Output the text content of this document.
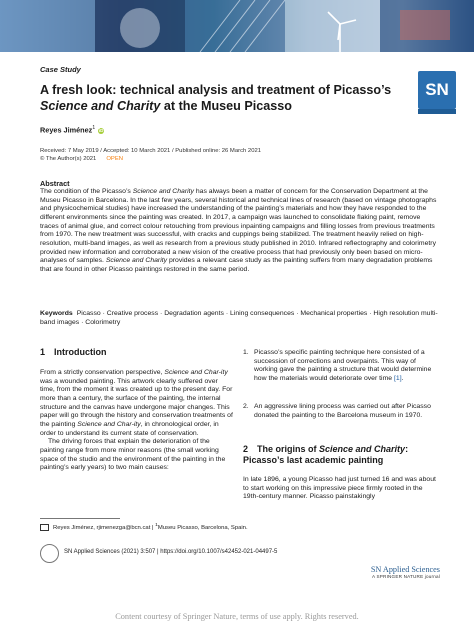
Case Study
SN
A fresh look: technical analysis and treatment of Picasso’s Science and Charity at the Museu Picasso
Reyes Jiménez$^1$ iD
Received: 7 May 2019 / Accepted: 10 March 2021 / Published online: 26 March 2021
© The Author(s) 2021 OPEN
Abstract
The condition of the Picasso’s Science and Charity has always been a matter of concern for the Conservation Department at the Museu Picasso in Barcelona. In the last few years, several historical and technical lines of research (based on vintage photographs and physicochemical studies) have increased the understanding of the painting’s materials and how they have responded to the different environments since the painting was created. In 2017, a campaign was launched to consolidate flaking paint, remove traces of animal glue, and correct colour retouching from previous inpainting campaigns and filling losses from previous treatments from 1970. The new treatment was successful, with cracks and cuppings being stabilized. The treatment heavily relied on high-resolution, multi-band images, as well as research from a previous study published in 2010. Infrared reflectography and colorimetry provided new information and corroborated a new vision of the creative process that had previously only been based on micro-analyses of samples. Science and Charity provides a relevant case study as the painting suffers from many degradation problems that are found in other Picasso paintings restored in the same period.
Keywords Picasso · Creative process · Degradation agents · Lining consequences · Mechanical properties · High resolution multi-band images · Colorimetry
1 Introduction

From a strictly conservation perspective, Science and Char-ity was a wounded painting. This artwork clearly suffered over time, from the moment it was created up to the present day. For more than a century, the surface of the painting, the internal structure and the canvas have undergone major changes. This paper will go through the history and conservation treatments of the painting Science and Char-ity, in chronological order, in order to understand its current state of conservation.

The driving forces that explain the deterioration of the painting range from more minor reasons (the small working space of the studio and the environment of the painting in the painting’s early years) to two main causes:

1. Picasso’s specific painting technique here consisted of a succession of corrections and overpaints. This way of working gave the painting a structure that would determine how the materials would deteriorate over time [1].
2. An aggressive lining process was carried out after Picasso donated the painting to the Barcelona museum in 1970.
2 The origins of Science and Charity: Picasso’s last academic painting

In late 1896, a young Picasso had just turned 16 and was about to start working on this impressive piece firmly rooted in the 19th-century manner. Picasso painstakingly

Reyes Jiménez, rjimenezga@bcn.cat | $^1$Museu Picasso, Barcelona, Spain.
SN Applied Sciences (2021) 3:507 | https://doi.org/10.1007/s42452-021-04497-5
SN Applied Sciences
A SPRINGER NATURE journal
Content courtesy of Springer Nature, terms of use apply. Rights reserved.
